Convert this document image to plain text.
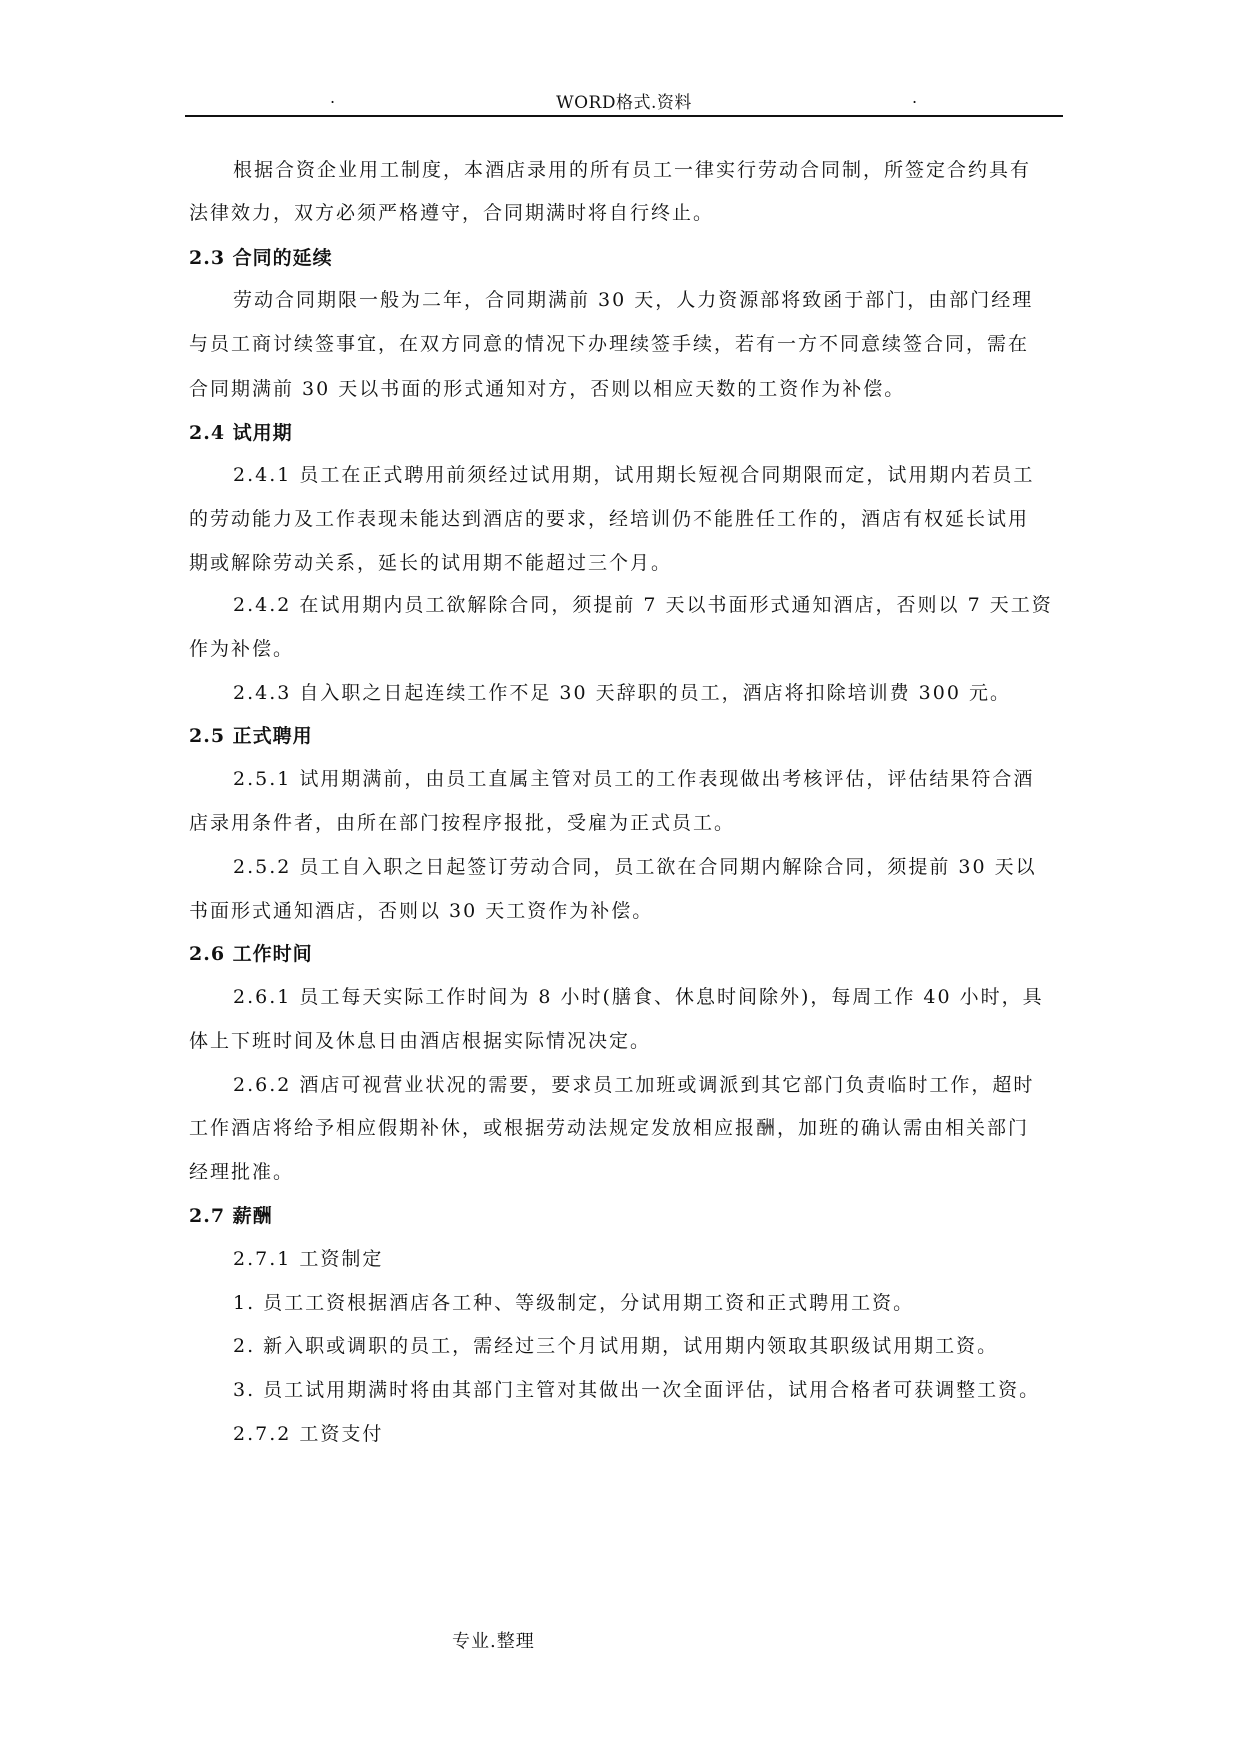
.	WORD格式.资料	.
根据合资企业用工制度，本酒店录用的所有员工一律实行劳动合同制，所签定合约具有
法律效力，双方必须严格遵守，合同期满时将自行终止。
2.3 合同的延续
劳动合同期限一般为二年，合同期满前 30 天，人力资源部将致函于部门，由部门经理
与员工商讨续签事宜，在双方同意的情况下办理续签手续，若有一方不同意续签合同，需在
合同期满前 30 天以书面的形式通知对方，否则以相应天数的工资作为补偿。
2.4 试用期
2.4.1 员工在正式聘用前须经过试用期，试用期长短视合同期限而定，试用期内若员工
的劳动能力及工作表现未能达到酒店的要求，经培训仍不能胜任工作的，酒店有权延长试用
期或解除劳动关系，延长的试用期不能超过三个月。
2.4.2 在试用期内员工欲解除合同，须提前 7 天以书面形式通知酒店，否则以 7 天工资
作为补偿。
2.4.3 自入职之日起连续工作不足 30 天辞职的员工，酒店将扣除培训费 300 元。
2.5 正式聘用
2.5.1 试用期满前，由员工直属主管对员工的工作表现做出考核评估，评估结果符合酒
店录用条件者，由所在部门按程序报批，受雇为正式员工。
2.5.2 员工自入职之日起签订劳动合同，员工欲在合同期内解除合同，须提前 30 天以
书面形式通知酒店，否则以 30 天工资作为补偿。
2.6 工作时间
2.6.1 员工每天实际工作时间为 8 小时(膳食、休息时间除外)，每周工作 40 小时，具
体上下班时间及休息日由酒店根据实际情况决定。
2.6.2 酒店可视营业状况的需要，要求员工加班或调派到其它部门负责临时工作，超时
工作酒店将给予相应假期补休，或根据劳动法规定发放相应报酬，加班的确认需由相关部门
经理批准。
2.7 薪酬
2.7.1 工资制定
1. 员工工资根据酒店各工种、等级制定，分试用期工资和正式聘用工资。
2. 新入职或调职的员工，需经过三个月试用期，试用期内领取其职级试用期工资。
3. 员工试用期满时将由其部门主管对其做出一次全面评估，试用合格者可获调整工资。
2.7.2 工资支付
专业.整理
